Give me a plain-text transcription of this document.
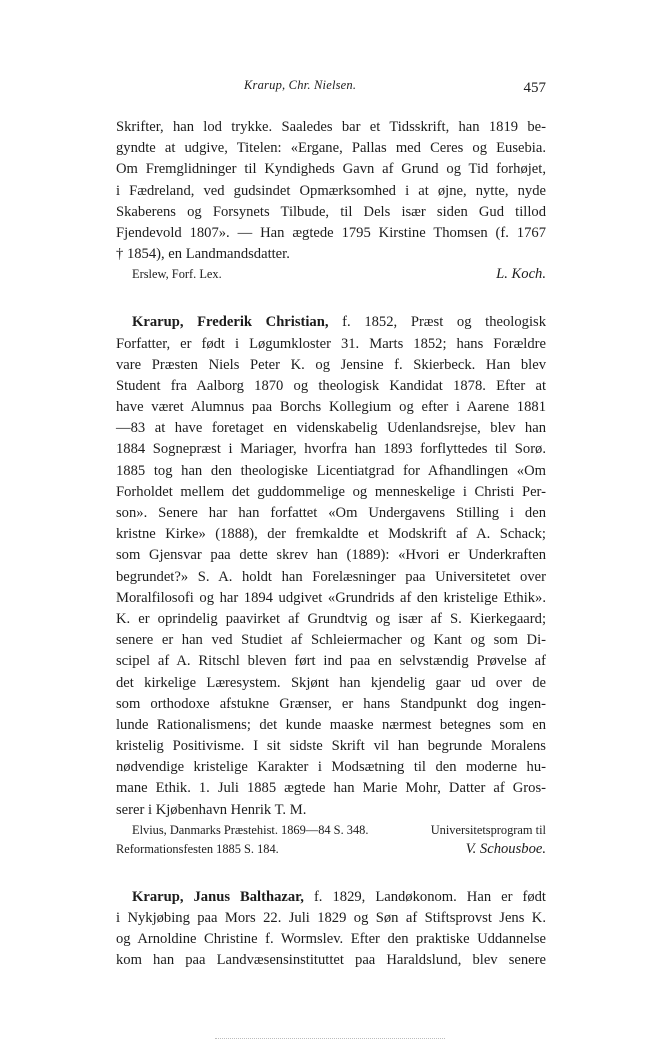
Krarup, Chr. Nielsen.	457
Skrifter, han lod trykke. Saaledes bar et Tidsskrift, han 1819 be-
gyndte at udgive, Titelen: «Ergane, Pallas med Ceres og Eusebia.
Om Fremglidninger til Kyndigheds Gavn af Grund og Tid forhøjet,
i Fædreland, ved gudsindet Opmærksomhed i at øjne, nytte, nyde
Skaberens og Forsynets Tilbude, til Dels især siden Gud tillod
Fjendevold 1807». — Han ægtede 1795 Kirstine Thomsen (f. 1767
† 1854), en Landmandsdatter.
Erslew, Forf. Lex.	L. Koch.
Krarup, Frederik Christian, f. 1852, Præst og theologisk
Forfatter, er født i Løgumkloster 31. Marts 1852; hans Forældre
vare Præsten Niels Peter K. og Jensine f. Skierbeck. Han blev
Student fra Aalborg 1870 og theologisk Kandidat 1878. Efter at
have været Alumnus paa Borchs Kollegium og efter i Aarene 1881
—83 at have foretaget en videnskabelig Udenlandsrejse, blev han
1884 Sognepræst i Mariager, hvorfra han 1893 forflyttedes til Sorø.
1885 tog han den theologiske Licentiatgrad for Afhandlingen «Om
Forholdet mellem det guddommelige og menneskelige i Christi Per-
son». Senere har han forfattet «Om Undergavens Stilling i den
kristne Kirke» (1888), der fremkaldte et Modskrift af A. Schack;
som Gjensvar paa dette skrev han (1889): «Hvori er Underkraften
begrundet?» S. A. holdt han Forelæsninger paa Universitetet over
Moralfilosofi og har 1894 udgivet «Grundrids af den kristelige Ethik».
K. er oprindelig paavirket af Grundtvig og især af S. Kierkegaard;
senere er han ved Studiet af Schleiermacher og Kant og som Di-
scipel af A. Ritschl bleven ført ind paa en selvstændig Prøvelse af
det kirkelige Læresystem. Skjønt han kjendelig gaar ud over de
som orthodoxe afstukne Grænser, er hans Standpunkt dog ingen-
lunde Rationalismens; det kunde maaske nærmest betegnes som en
kristelig Positivisme. I sit sidste Skrift vil han begrunde Moralens
nødvendige kristelige Karakter i Modsætning til den moderne hu-
mane Ethik. 1. Juli 1885 ægtede han Marie Mohr, Datter af Gros-
serer i Kjøbenhavn Henrik T. M.
Elvius, Danmarks Præstehist. 1869—84 S. 348.	Universitetsprogram til
Reformationsfesten 1885 S. 184.	V. Schousboe.
Krarup, Janus Balthazar, f. 1829, Landøkonom. Han er født
i Nykjøbing paa Mors 22. Juli 1829 og Søn af Stiftsprovst Jens K.
og Arnoldine Christine f. Wormslev. Efter den praktiske Uddannelse
kom han paa Landvæsensinstituttet paa Haraldslund, blev senere
